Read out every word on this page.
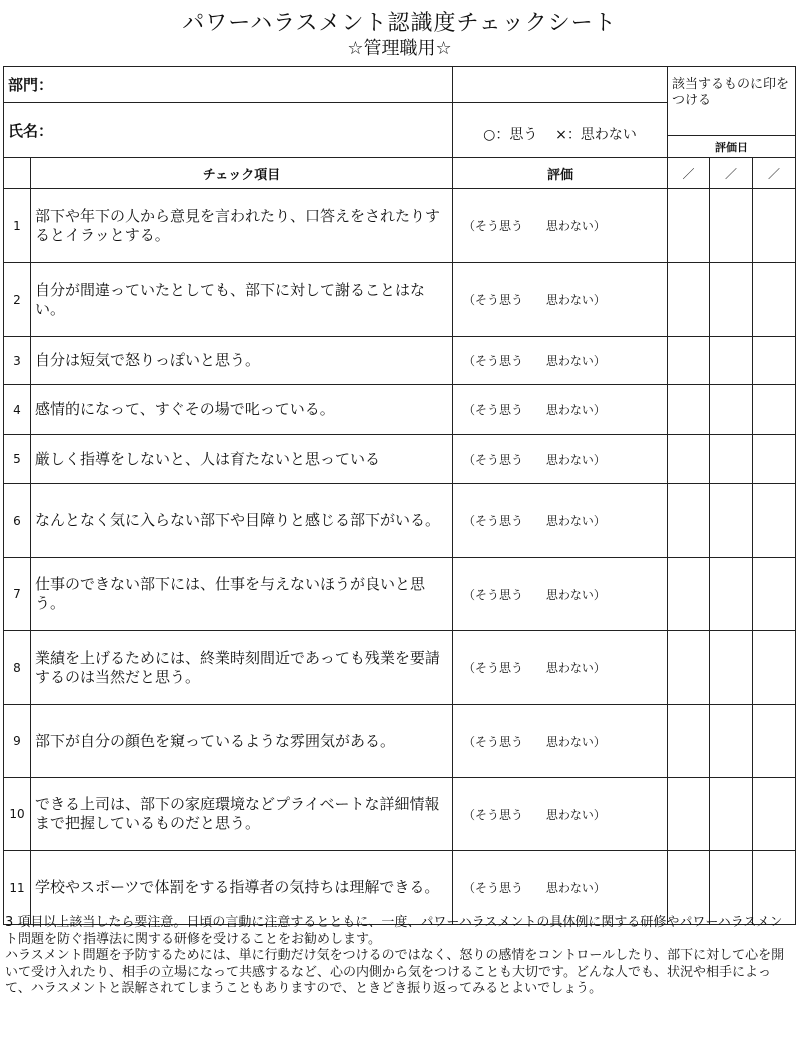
パワーハラスメント認識度チェックシート
☆管理職用☆
部門：			該当するものに印をつける		
氏名：		○：思う ×：思わない			
			評価日		
	チェック項目	評価	／	／	／
1	部下や年下の人から意見を言われたり、口答えをされたりするとイラッとする。	（そう思う 思わない）			
2	自分が間違っていたとしても、部下に対して謝ることはない。	（そう思う 思わない）			
3	自分は短気で怒りっぽいと思う。	（そう思う 思わない）			
4	感情的になって、すぐその場で叱っている。	（そう思う 思わない）			
5	厳しく指導をしないと、人は育たないと思っている	（そう思う 思わない）			
6	なんとなく気に入らない部下や目障りと感じる部下がいる。	（そう思う 思わない）			
7	仕事のできない部下には、仕事を与えないほうが良いと思う。	（そう思う 思わない）			
8	業績を上げるためには、終業時刻間近であっても残業を要請するのは当然だと思う。	（そう思う 思わない）			
9	部下が自分の顔色を窺っているような雰囲気がある。	（そう思う 思わない）			
10	できる上司は、部下の家庭環境などプライベートな詳細情報まで把握しているものだと思う。	（そう思う 思わない）			
11	学校やスポーツで体罰をする指導者の気持ちは理解できる。	（そう思う 思わない）			

3 項目以上該当したら要注意。日頃の言動に注意するとともに、一度、パワーハラスメントの具体例に関する研修やパワーハラスメント問題を防ぐ指導法に関する研修を受けることをお勧めします。

ハラスメント問題を予防するためには、単に行動だけ気をつけるのではなく、怒りの感情をコントロールしたり、部下に対して心を開いて受け入れたり、相手の立場になって共感するなど、心の内側から気をつけることも大切です。どんな人でも、状況や相手によって、ハラスメントと誤解されてしまうこともありますので、ときどき振り返ってみるとよいでしょう。
